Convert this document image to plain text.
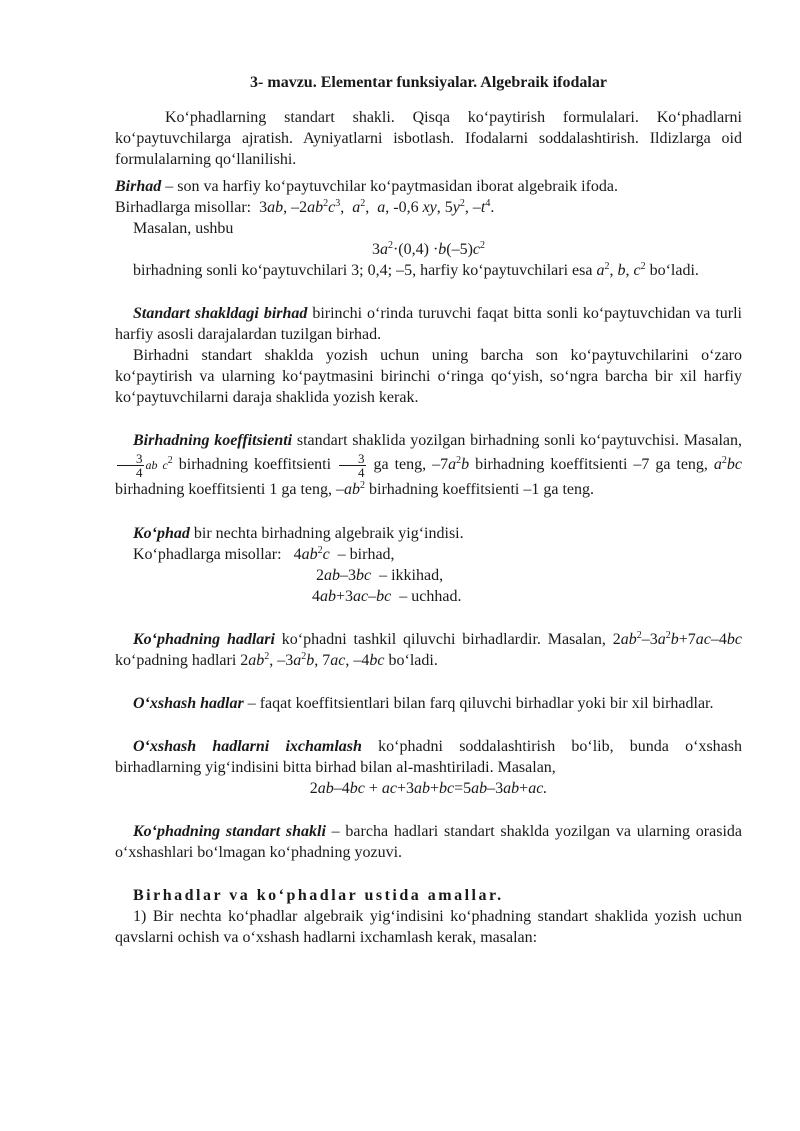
3- mavzu. Elementar funksiyalar. Algebraik ifodalar

Ko‘phadlarning standart shakli. Qisqa ko‘paytirish formulalari. Ko‘phadlarni ko‘paytuvchilarga ajratish. Ayniyatlarni isbotlash. Ifodalarni soddalashtirish. Ildizlarga oid formulalarning qo‘llanilishi.

Birhad – son va harfiy ko‘paytuvchilar ko‘paytmasidan iborat algebraik ifoda.

Birhadlarga misollar:  3ab, $-2ab^2c^3$,  $a^2$,  a, -0,6 xy, $5y^2$, $-t^4$.

Masalan, ushbu

$3a^2\cdot(0,4) \cdot b(-5)c^2$

birhadning sonli ko‘paytuvchilari 3; 0,4; –5, harfiy ko‘paytuvchilari esa $a^2$, b, $c^2$ bo‘ladi.

Standart shakldagi birhad birinchi o‘rinda turuvchi faqat bitta sonli ko‘paytuvchidan va turli harfiy asosli darajalardan tuzilgan birhad.

Birhadni standart shaklda yozish uchun uning barcha son ko‘paytuvchilarini o‘zaro ko‘paytirish va ularning ko‘paytmasini birinchi o‘ringa qo‘yish, so‘ngra barcha bir xil harfiy ko‘paytuvchilarni daraja shaklida yozish kerak.

Birhadning koeffitsienti standart shaklida yozilgan birhadning sonli ko‘paytuvchisi. Masalan,
$\frac{3}{4}$ ab $c^2$ birhadning koeffitsienti $\frac{3}{4}$ ga teng, $-7a^2b$ birhadning koeffitsienti –7 ga teng, $a^2bc$ birhadning koeffitsienti 1 ga teng, $-ab^2$ birhadning koeffitsienti –1 ga teng.

Ko‘phad bir nechta birhadning algebraik yig‘indisi.

Ko‘phadlarga misollar:   $4ab^2c$  – birhad,

2ab–3bc  – ikkihad,

4ab+3ac–bc  – uchhad.

Ko‘phadning hadlari ko‘phadni tashkil qiluvchi birhadlardir. Masalan, $2ab^2-3a^2b+7ac-4bc$ ko‘padning hadlari $2ab^2$, $-3a^2b$, 7ac, –4bc bo‘ladi.

O‘xshash hadlar – faqat koeffitsientlari bilan farq qiluvchi birhadlar yoki bir xil birhadlar.

O‘xshash hadlarni ixchamlash ko‘phadni soddalashtirish bo‘lib, bunda o‘xshash birhadlarning yig‘indisini bitta birhad bilan al-mashtiriladi. Masalan,

2ab–4bc + ac+3ab+bc=5ab–3ab+ac.

Ko‘phadning standart shakli – barcha hadlari standart shaklda yozilgan va ularning orasida o‘xshashlari bo‘lmagan ko‘phadning yozuvi.

Birhadlar va ko‘phadlar ustida amallar.

1) Bir nechta ko‘phadlar algebraik yig‘indisini ko‘phadning standart shaklida yozish uchun qavslarni ochish va o‘xshash hadlarni ixchamlash kerak, masalan:
